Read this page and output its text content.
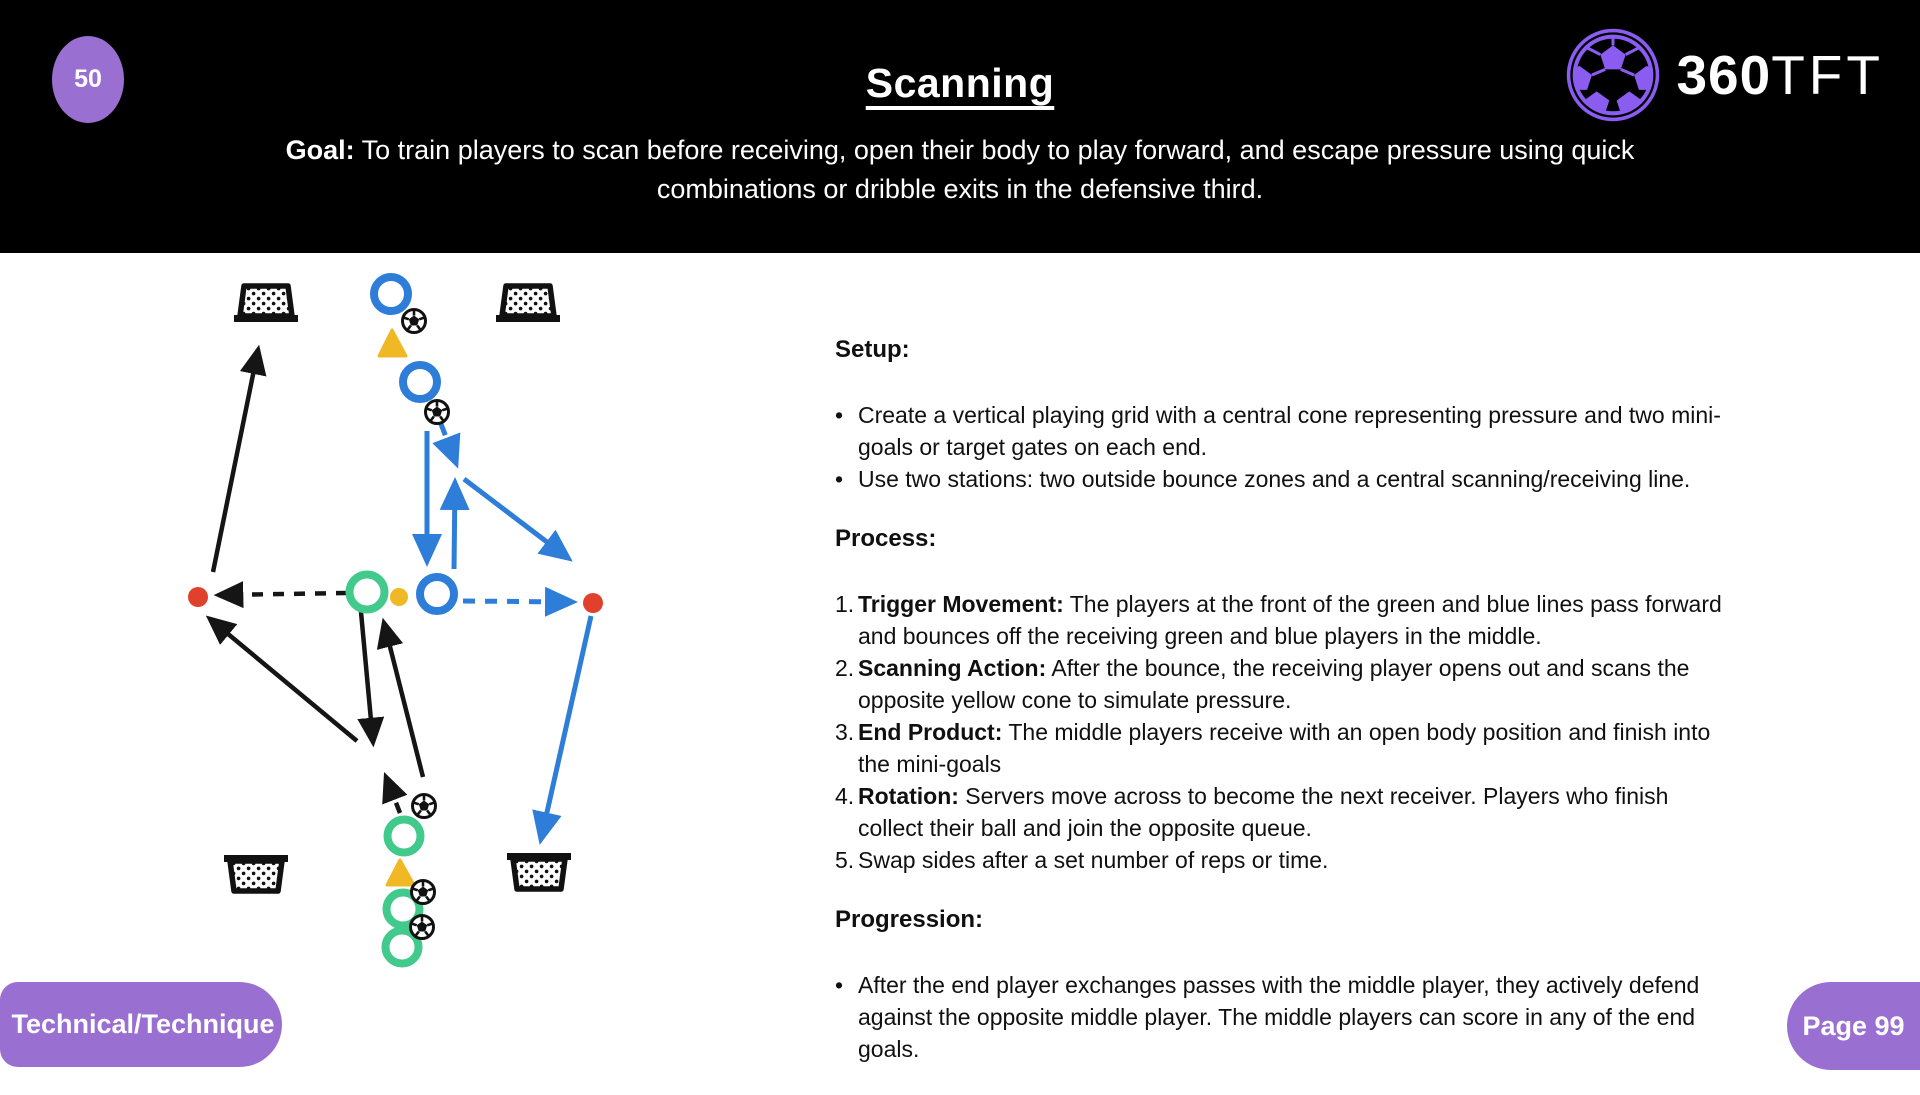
50	Scanning

Goal: To train players to scan before receiving, open their body to play forward, and escape pressure using quick combinations or dribble exits in the defensive third.

360TFT
Setup:
•

Create a vertical playing grid with a central cone representing pressure and two mini-goals or target gates on each end.

•

Use two stations: two outside bounce zones and a central scanning/receiving line.

Process:
1. Trigger Movement: The players at the front of the green and blue lines pass forward and bounces off the receiving green and blue players in the middle.

2. Scanning Action: After the bounce, the receiving player opens out and scans the opposite yellow cone to simulate pressure.

3. End Product: The middle players receive with an open body position and finish into the mini-goals

4. Rotation: Servers move across to become the next receiver. Players who finish collect their ball and join the opposite queue.

5. Swap sides after a set number of reps or time.

Progression:
•

After the end player exchanges passes with the middle player, they actively defend against the opposite middle player. The middle players can score in any of the end goals.

Technical/Technique	Page 99
